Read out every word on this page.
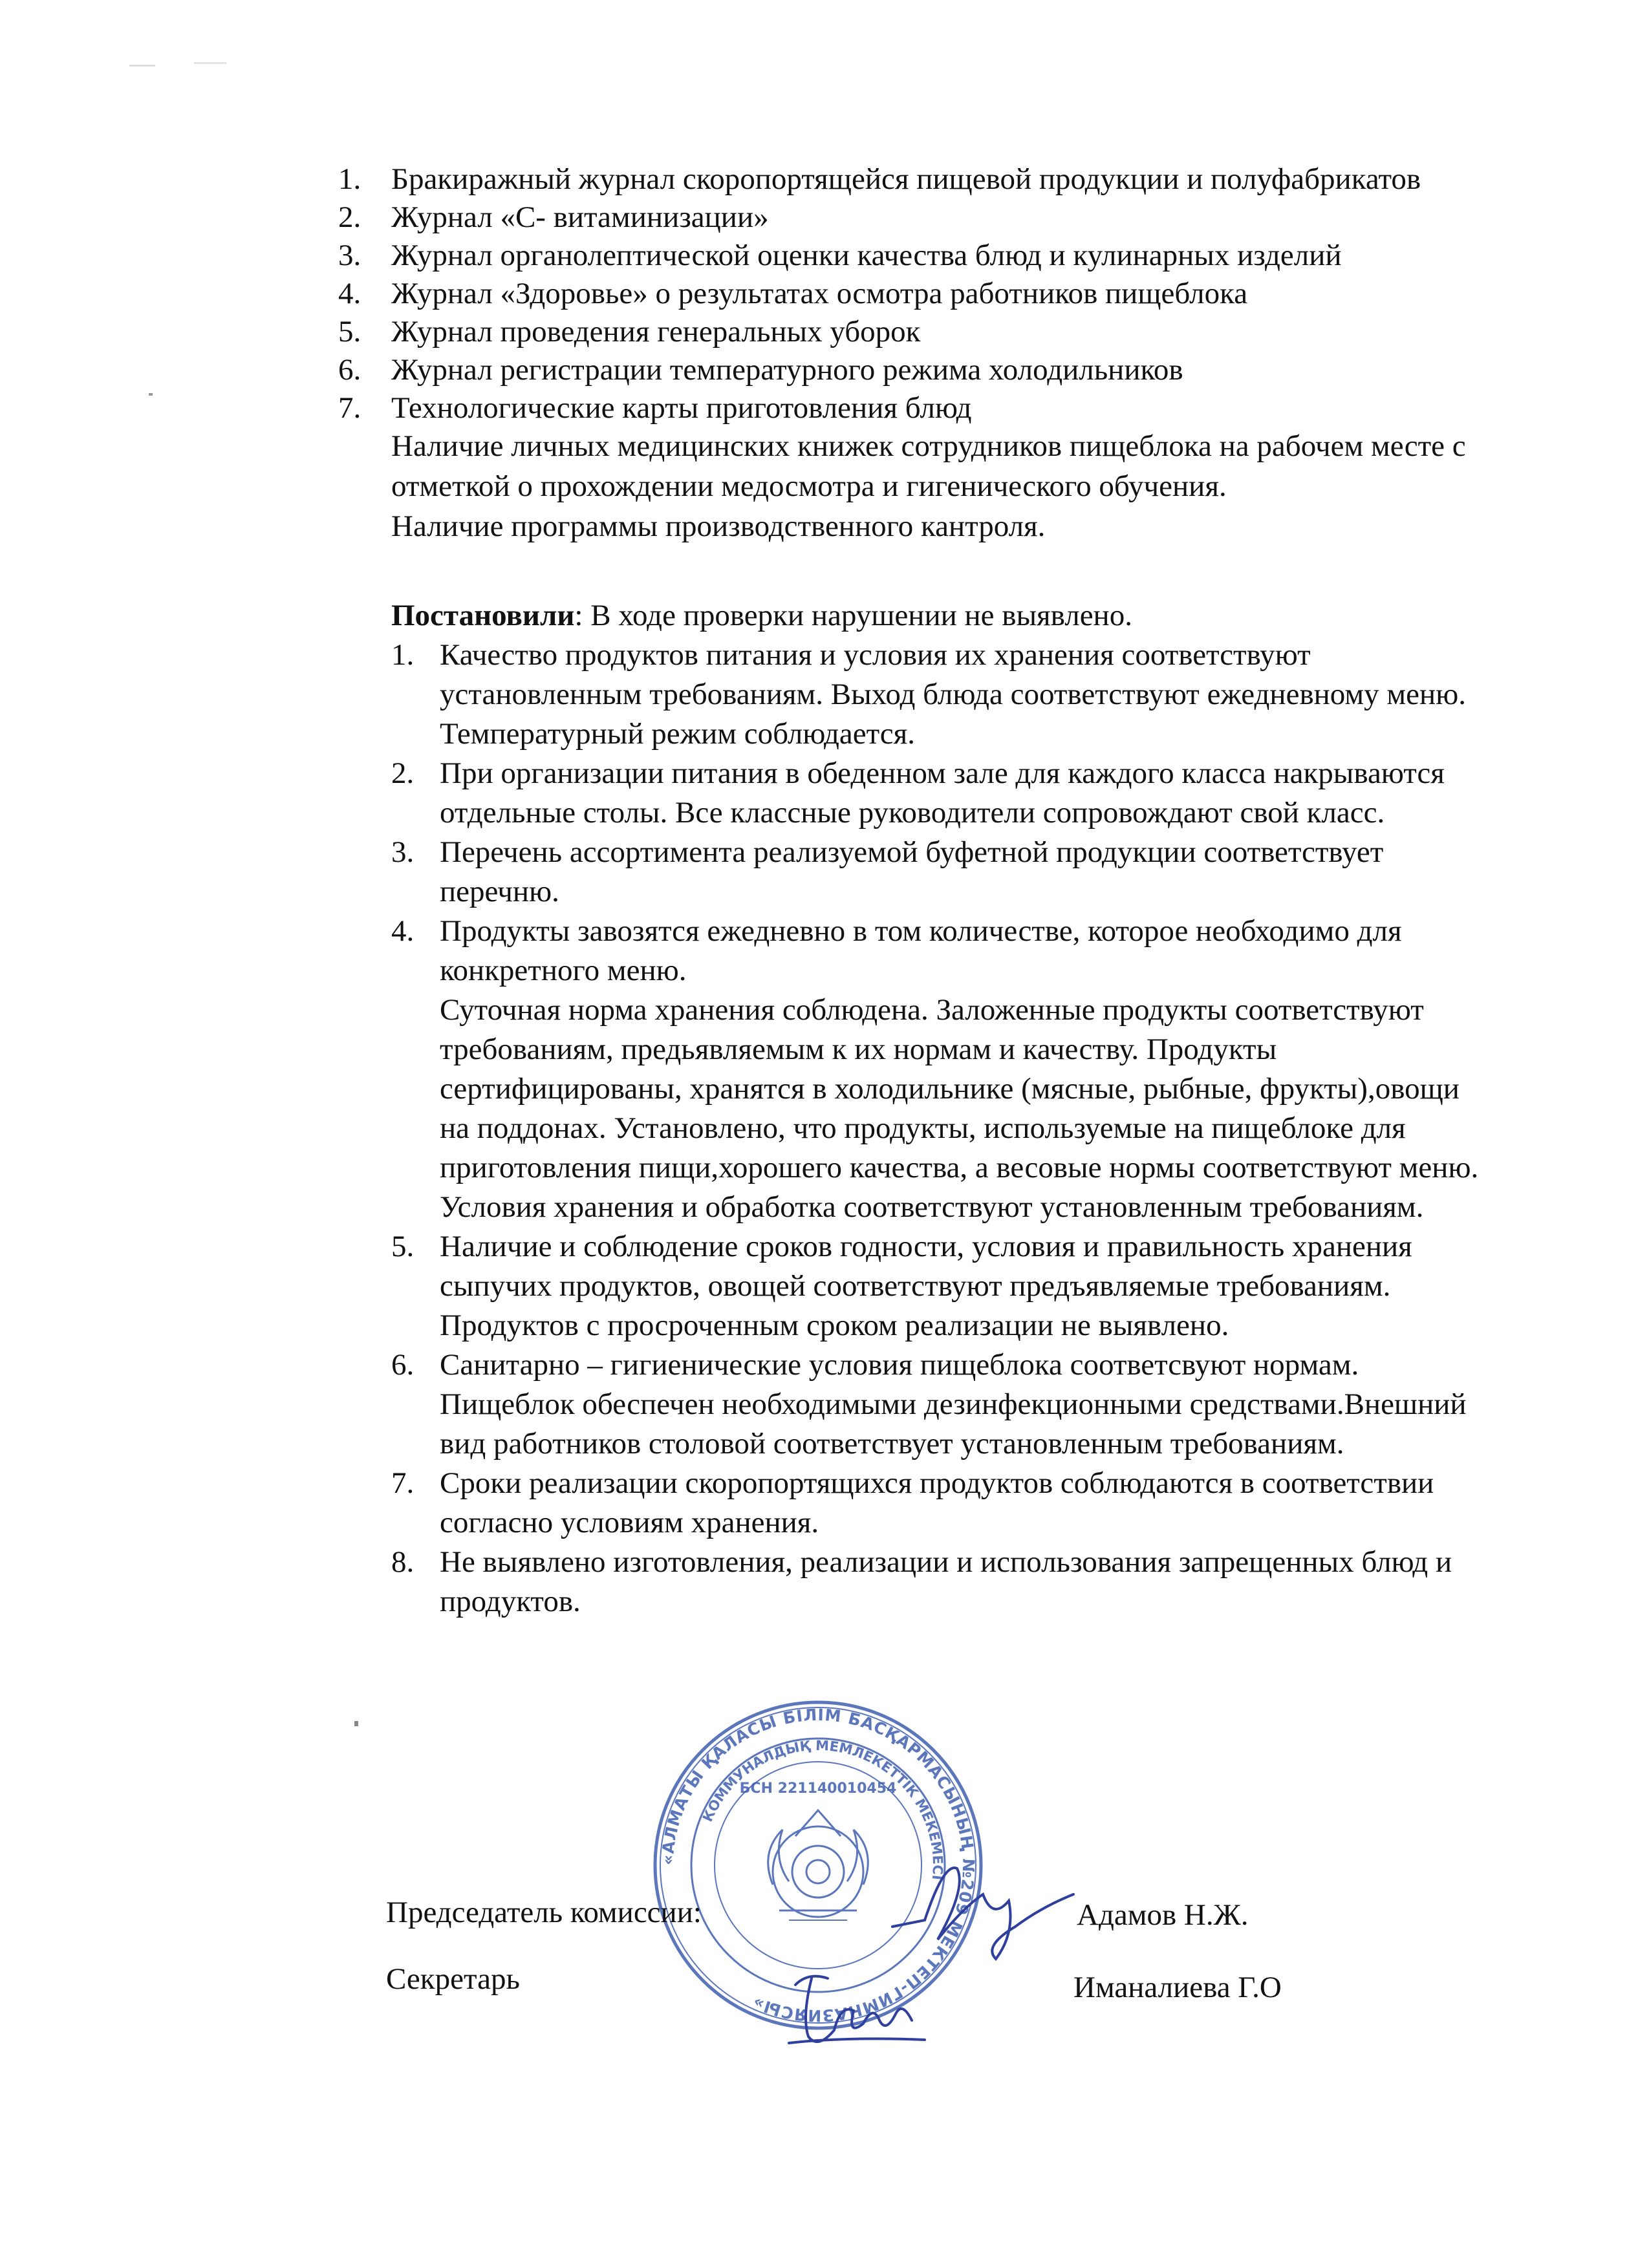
1. Бракиражный журнал скоропортящейся пищевой продукции и полуфабрикатов
2. Журнал «С- витаминизации»
3. Журнал органолептической оценки качества блюд и кулинарных изделий
4. Журнал «Здоровье» о результатах осмотра работников пищеблока
5. Журнал проведения генеральных уборок
6. Журнал регистрации температурного режима холодильников
7. Технологические карты приготовления блюд
Наличие личных медицинских книжек сотрудников пищеблока на рабочем месте с
отметкой о прохождении медосмотра и гигенического обучения.
Наличие программы производственного кантроля.
Постановили: В ходе проверки нарушении не выявлено.
1. Качество продуктов питания и условия их хранения соответствуют
установленным требованиям. Выход блюда соответствуют ежедневному меню.
Температурный режим соблюдается.
2. При организации питания в обеденном зале для каждого класса накрываются
отдельные столы. Все классные руководители сопровождают свой класс.
3. Перечень ассортимента реализуемой буфетной продукции соответствует
перечню.
4. Продукты завозятся ежедневно в том количестве, которое необходимо для
конкретного меню.
Суточная норма хранения соблюдена. Заложенные продукты соответствуют
требованиям, предьявляемым к их нормам и качеству. Продукты
сертифицированы, хранятся в холодильнике (мясные, рыбные, фрукты),овощи
на поддонах. Установлено, что продукты, используемые на пищеблоке для
приготовления пищи,хорошего качества, а весовые нормы соответствуют меню.
Условия хранения и обработка соответствуют установленным требованиям.
5. Наличие и соблюдение сроков годности, условия и правильность хранения
сыпучих продуктов, овощей соответствуют предъявляемые требованиям.
Продуктов с просроченным сроком реализации не выявлено.
6. Санитарно – гигиенические условия пищеблока соответсвуют нормам.
Пищеблок обеспечен необходимыми дезинфекционными средствами.Внешний
вид работников столовой соответствует установленным требованиям.
7. Сроки реализации скоропортящихся продуктов соблюдаются в соответствии
согласно условиям хранения.
8. Не выявлено изготовления, реализации и использования запрещенных блюд и
продуктов.
«АЛМАТЫ ҚАЛАСЫ БІЛІМ БАСҚАРМАСЫНЫҢ №209 МЕКТЕП-ГИМНАЗИЯСЫ»
КОММУНАЛДЫҚ МЕМЛЕКЕТТІК МЕКЕМЕСІ
БСН 221140010454
Председатель комиссии:	Адамов Н.Ж.
Секретарь	Иманалиева Г.О
